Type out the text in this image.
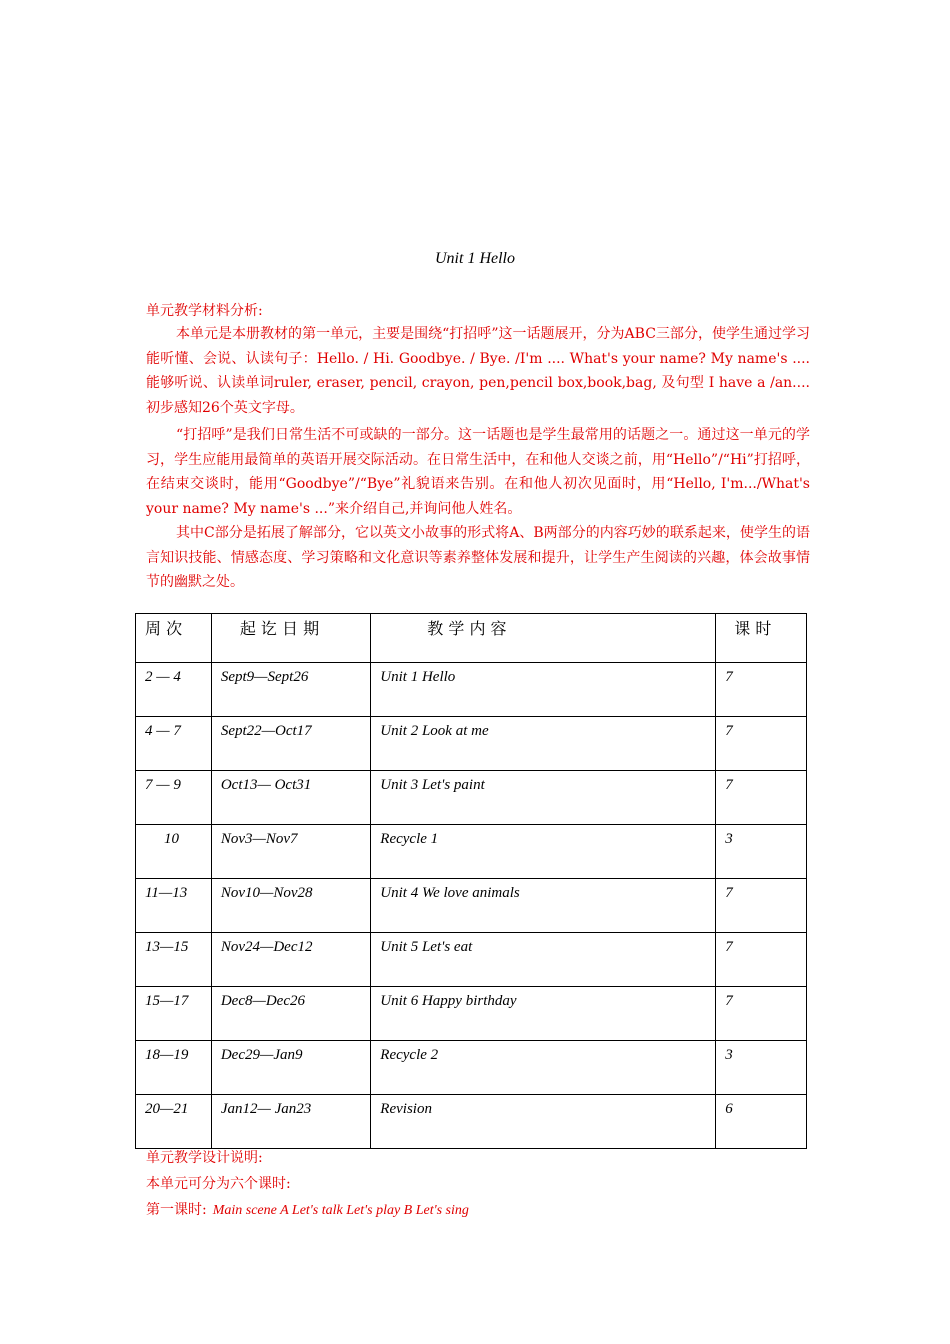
Unit 1 Hello
单元教学材料分析:
本单元是本册教材的第一单元，主要是围绕“打招呼”这一话题展开，分为ABC三部分，使学生通过学习能听懂、会说、认读句子：Hello. / Hi. Goodbye. / Bye. /I'm .... What's your name? My name's ....能够听说、认读单词ruler, eraser, pencil, crayon, pen,pencil box,book,bag, 及句型 I have a /an.... 初步感知26个英文字母。
“打招呼”是我们日常生活不可或缺的一部分。这一话题也是学生最常用的话题之一。通过这一单元的学习，学生应能用最简单的英语开展交际活动。在日常生活中，在和他人交谈之前，用“Hello”/“Hi”打招呼，在结束交谈时，能用“Goodbye”/“Bye”礼貌语来告别。在和他人初次见面时，用“Hello, I'm.../What's your name? My name's ...”来介绍自己,并询问他人姓名。
其中C部分是拓展了解部分，它以英文小故事的形式将A、B两部分的内容巧妙的联系起来，使学生的语言知识技能、情感态度、学习策略和文化意识等素养整体发展和提升，让学生产生阅读的兴趣，体会故事情节的幽默之处。
周 次	起 讫 日 期	教 学 内 容	课 时
2 — 4	Sept9—Sept26	Unit 1 Hello	7
4 — 7	Sept22—Oct17	Unit 2 Look at me	7
7 — 9	Oct13— Oct31	Unit 3 Let's paint	7
10	Nov3—Nov7	Recycle 1	3
11—13	Nov10—Nov28	Unit 4 We love animals	7
13—15	Nov24—Dec12	Unit 5 Let's eat	7
15—17	Dec8—Dec26	Unit 6 Happy birthday	7
18—19	Dec29—Jan9	Recycle 2	3
20—21	Jan12— Jan23	Revision	6
单元教学设计说明:
本单元可分为六个课时:
第一课时: Main scene A Let's talk Let's play B Let's sing
